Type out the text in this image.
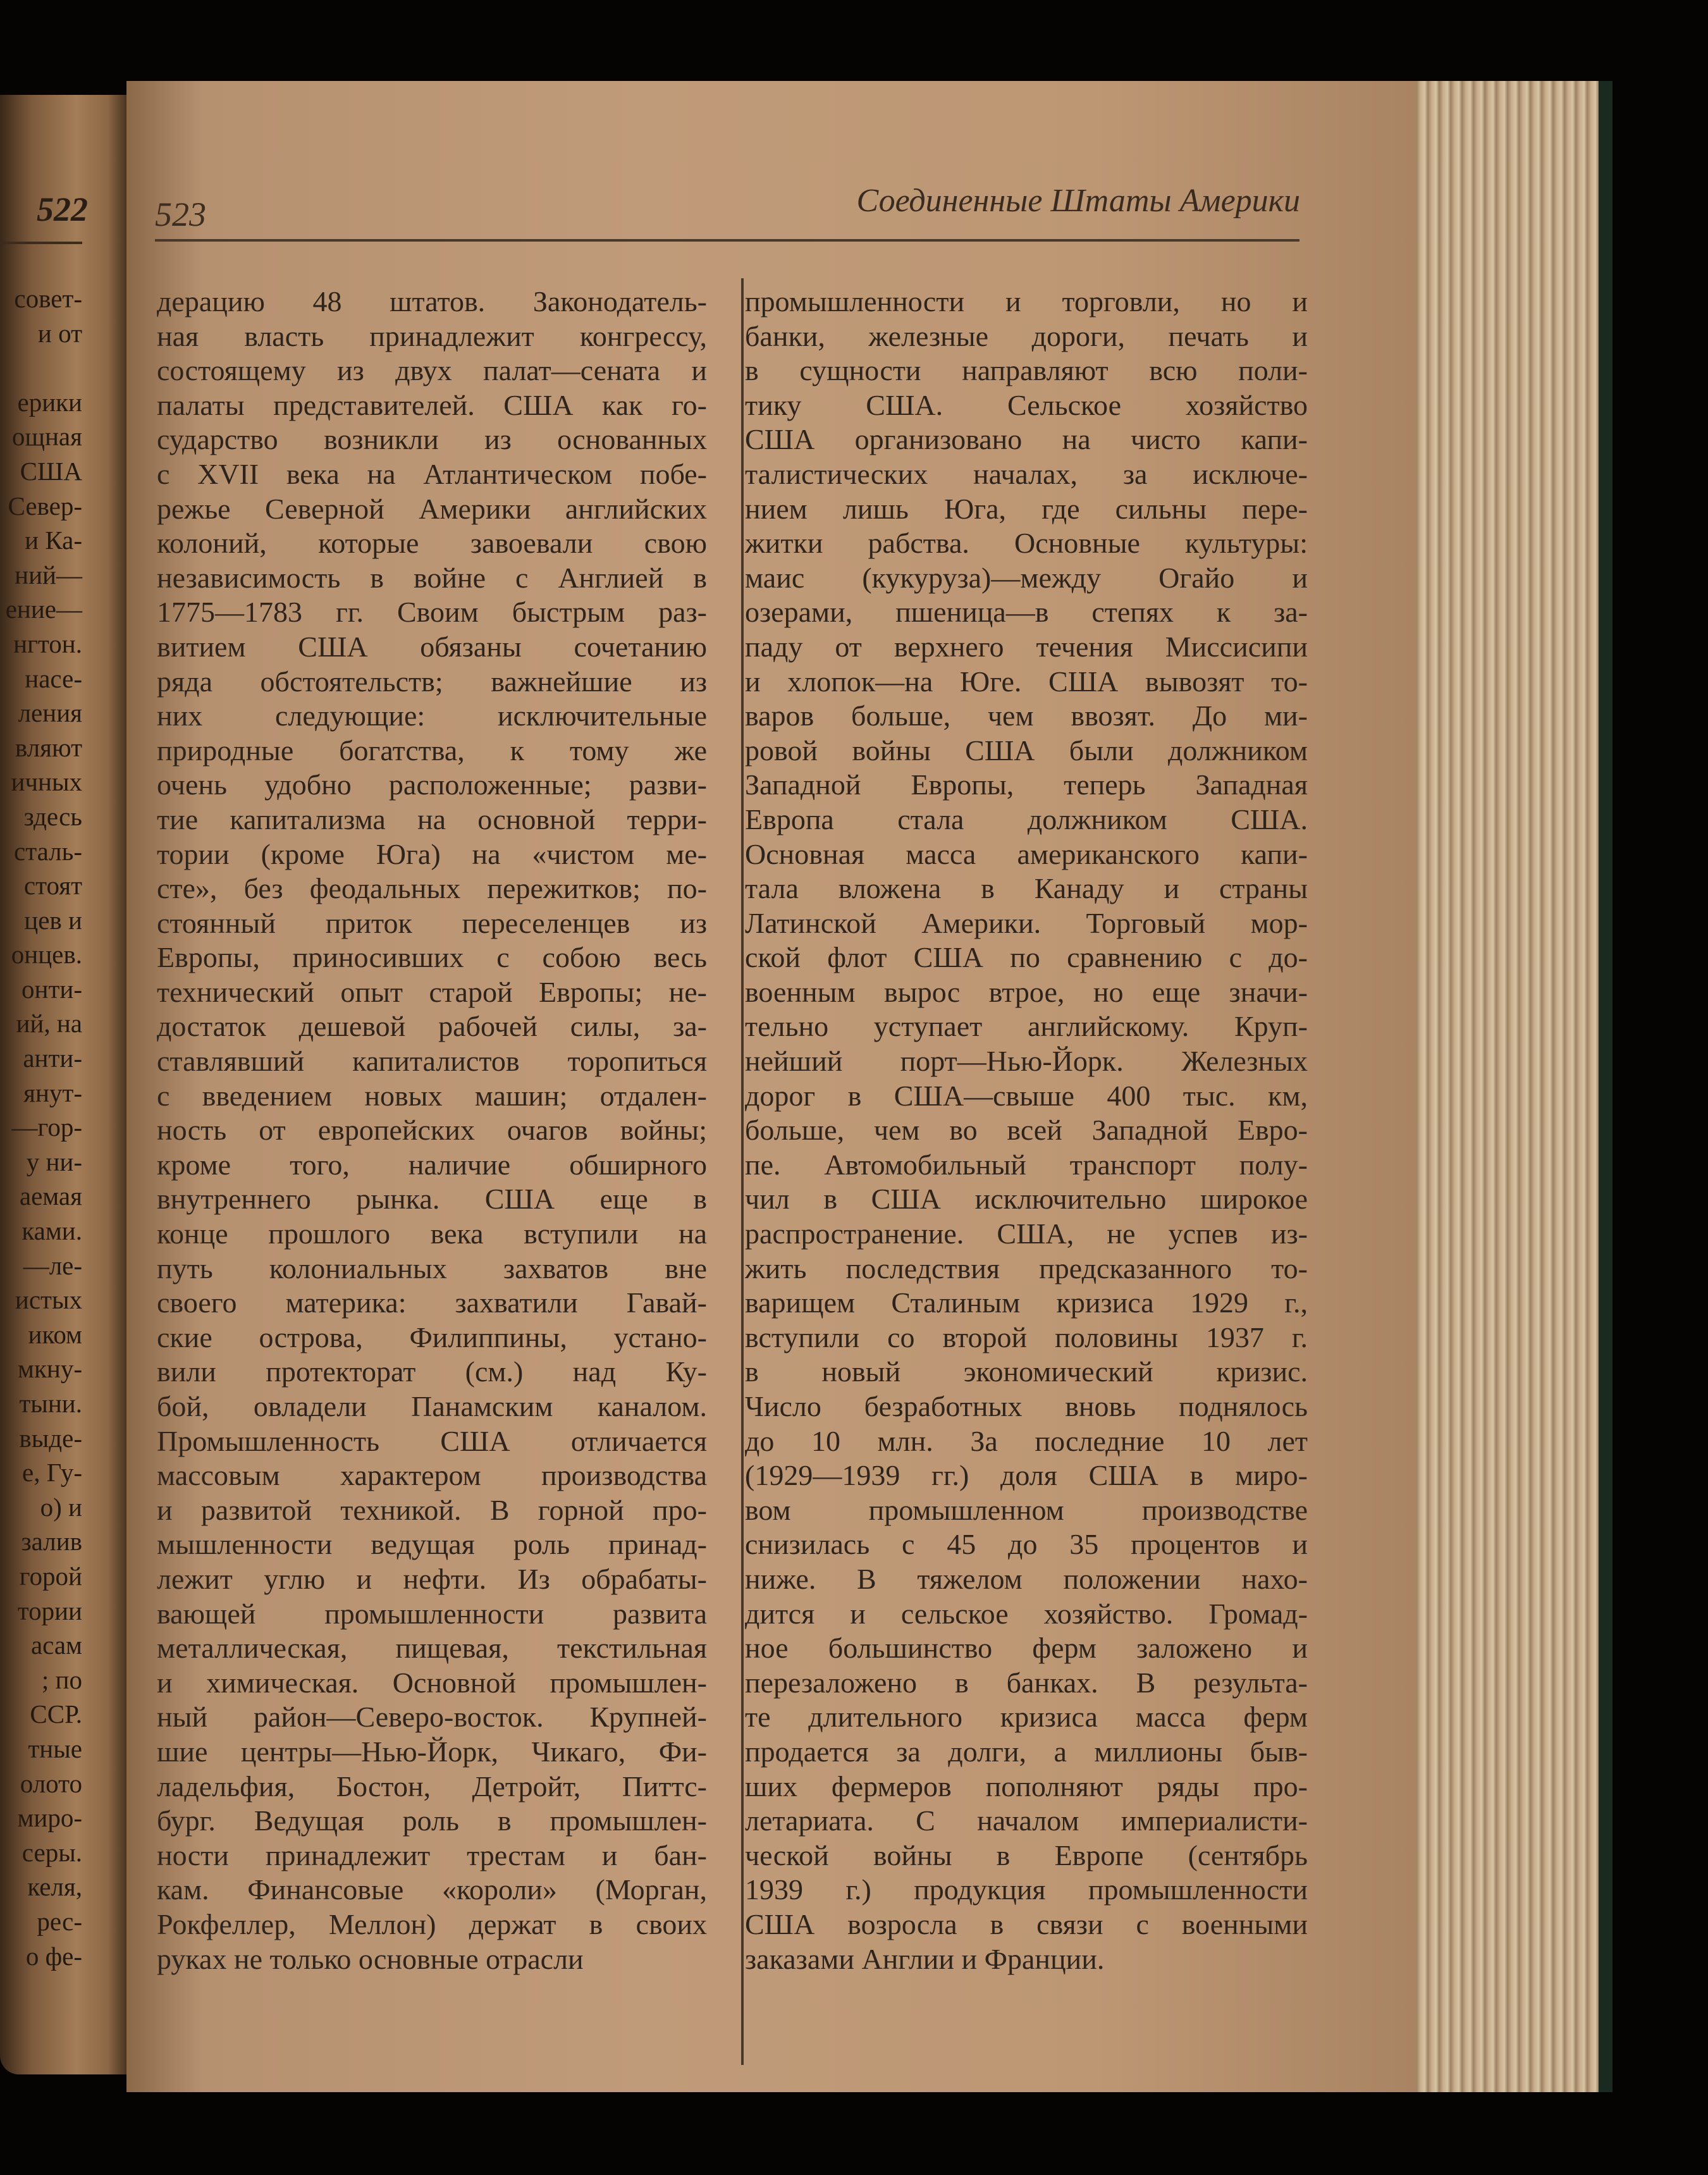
522
совет-
и от
ерики
ощная
США
Север-
и Ка-
ний—
ение—
нгтон.
насе-
ления
вляют
ичных
здесь
сталь-
стоят
цев и
онцев.
онти-
ий, на
анти-
янут-
—гор-
у ни-
аемая
ками.
—ле-
истых
иком
мкну-
тыни.
выде-
е, Гу-
о) и
залив
горой
тории
асам
; по
ССР.
тные
олото
миро-
серы.
келя,
рес-
о фе-
523	Соединенные Штаты Америки
дерацию 48 штатов. Законодатель-
ная власть принадлежит конгрессу,
состоящему из двух палат—сената и
палаты представителей. США как го-
сударство возникли из основанных
с XVII века на Атлантическом побе-
режье Северной Америки английских
колоний, которые завоевали свою
независимость в войне с Англией в
1775—1783 гг. Своим быстрым раз-
витием США обязаны сочетанию
ряда обстоятельств; важнейшие из
них следующие: исключительные
природные богатства, к тому же
очень удобно расположенные; разви-
тие капитализма на основной терри-
тории (кроме Юга) на «чистом ме-
сте», без феодальных пережитков; по-
стоянный приток переселенцев из
Европы, приносивших с собою весь
технический опыт старой Европы; не-
достаток дешевой рабочей силы, за-
ставлявший капиталистов торопиться
с введением новых машин; отдален-
ность от европейских очагов войны;
кроме того, наличие обширного
внутреннего рынка. США еще в
конце прошлого века вступили на
путь колониальных захватов вне
своего материка: захватили Гавай-
ские острова, Филиппины, устано-
вили протекторат (см.) над Ку-
бой, овладели Панамским каналом.
Промышленность США отличается
массовым характером производства
и развитой техникой. В горной про-
мышленности ведущая роль принад-
лежит углю и нефти. Из обрабаты-
вающей промышленности развита
металлическая, пищевая, текстильная
и химическая. Основной промышлен-
ный район—Северо-восток. Крупней-
шие центры—Нью-Йорк, Чикаго, Фи-
ладельфия, Бостон, Детройт, Питтс-
бург. Ведущая роль в промышлен-
ности принадлежит трестам и бан-
кам. Финансовые «короли» (Морган,
Рокфеллер, Меллон) держат в своих
руках не только основные отрасли
промышленности и торговли, но и
банки, железные дороги, печать и
в сущности направляют всю поли-
тику США. Сельское хозяйство
США организовано на чисто капи-
талистических началах, за исключе-
нием лишь Юга, где сильны пере-
житки рабства. Основные культуры:
маис (кукуруза)—между Огайо и
озерами, пшеница—в степях к за-
паду от верхнего течения Миссисипи
и хлопок—на Юге. США вывозят то-
варов больше, чем ввозят. До ми-
ровой войны США были должником
Западной Европы, теперь Западная
Европа стала должником США.
Основная масса американского капи-
тала вложена в Канаду и страны
Латинской Америки. Торговый мор-
ской флот США по сравнению с до-
военным вырос втрое, но еще значи-
тельно уступает английскому. Круп-
нейший порт—Нью-Йорк. Железных
дорог в США—свыше 400 тыс. км,
больше, чем во всей Западной Евро-
пе. Автомобильный транспорт полу-
чил в США исключительно широкое
распространение. США, не успев из-
жить последствия предсказанного то-
варищем Сталиным кризиса 1929 г.,
вступили со второй половины 1937 г.
в новый экономический кризис.
Число безработных вновь поднялось
до 10 млн. За последние 10 лет
(1929—1939 гг.) доля США в миро-
вом промышленном производстве
снизилась с 45 до 35 процентов и
ниже. В тяжелом положении нахо-
дится и сельское хозяйство. Громад-
ное большинство ферм заложено и
перезаложено в банках. В результа-
те длительного кризиса масса ферм
продается за долги, а миллионы быв-
ших фермеров пополняют ряды про-
летариата. С началом империалисти-
ческой войны в Европе (сентябрь
1939 г.) продукция промышленности
США возросла в связи с военными
заказами Англии и Франции.
